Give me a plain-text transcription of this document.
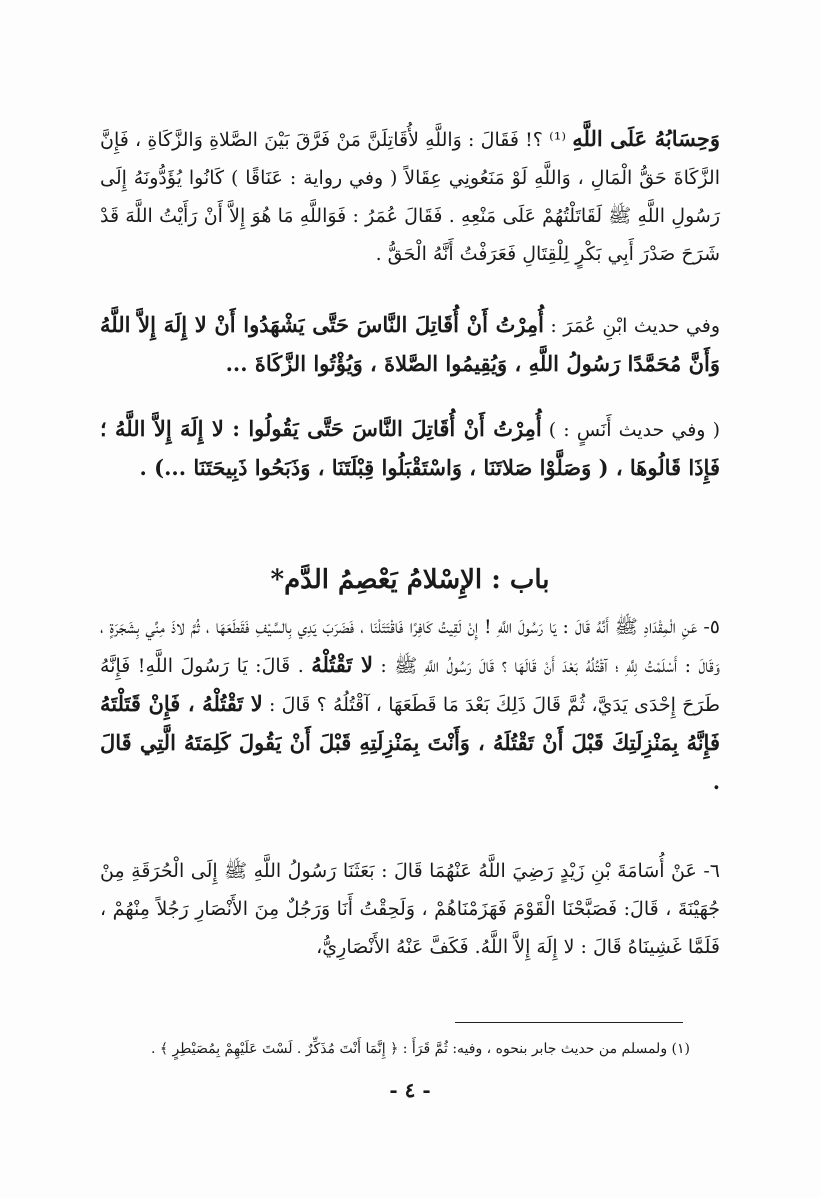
وَحِسَابُهُ عَلَى اللَّهِ ⁽¹⁾ ؟! فَقَالَ : وَاللَّهِ لأُقَاتِلَنَّ مَنْ فَرَّقَ بَيْنَ الصَّلاةِ وَالزَّكَاةِ ، فَإِنَّ الزَّكَاةَ حَقُّ الْمَالِ ، وَاللَّهِ لَوْ مَنَعُونِي عِقَالاً ( وفي رواية : عَنَاقًا ) كَانُوا يُؤَدُّونَهُ إِلَى رَسُولِ اللَّهِ ﷺ لَقَاتَلْتُهُمْ عَلَى مَنْعِهِ . فَقَالَ عُمَرُ : فَوَاللَّهِ مَا هُوَ إِلاَّ أَنْ رَأَيْتُ اللَّهَ قَدْ شَرَحَ صَدْرَ أَبِي بَكْرٍ لِلْقِتَالِ فَعَرَفْتُ أَنَّهُ الْحَقُّ .

وفي حديث ابْنِ عُمَرَ : أُمِرْتُ أَنْ أُقَاتِلَ النَّاسَ حَتَّى يَشْهَدُوا أَنْ لا إِلَهَ إِلاَّ اللَّهُ وَأَنَّ مُحَمَّدًا رَسُولُ اللَّهِ ، وَيُقِيمُوا الصَّلاةَ ، وَيُؤْتُوا الزَّكَاةَ ...

( وفي حديث أَنَسٍ : ) أُمِرْتُ أَنْ أُقَاتِلَ النَّاسَ حَتَّى يَقُولُوا : لا إِلَهَ إِلاَّ اللَّهُ ؛ فَإِذَا قَالُوهَا ، ( وَصَلَّوْا صَلاتَنَا ، وَاسْتَقْبَلُوا قِبْلَتَنَا ، وَذَبَحُوا ذَبِيحَتَنَا ...) .

باب : الإِسْلامُ يَعْصِمُ الدَّم*

٥- عَنِ الْمِقْدَادِ ﷺ أَنَّهُ قَالَ : يَا رَسُولَ اللَّهِ ! إِنْ لَقِيتُ كَافِرًا فَاقْتَتَلْنَا ، فَضَرَبَ يَدِي بِالسَّيْفِ فَقَطَعَهَا ، ثُمَّ لاذَ مِنِّي بِشَجَرَةٍ ، وَقَالَ : أَسْلَمْتُ لِلَّهِ ؛ آقْتُلُهُ بَعْدَ أَنْ قَالَهَا ؟ قَالَ رَسُولُ اللَّهِ ﷺ : لا تَقْتُلْهُ . قَالَ: يَا رَسُولَ اللَّهِ! فَإِنَّهُ طَرَحَ إِحْدَى يَدَيَّ، ثُمَّ قَالَ ذَلِكَ بَعْدَ مَا قَطَعَهَا ، آقْتُلُهُ ؟ قَالَ : لا تَقْتُلْهُ ، فَإِنْ قَتَلْتَهُ فَإِنَّهُ بِمَنْزِلَتِكَ قَبْلَ أَنْ تَقْتُلَهُ ، وَأَنْتَ بِمَنْزِلَتِهِ قَبْلَ أَنْ يَقُولَ كَلِمَتَهُ الَّتِي قَالَ .

٦- عَنْ أُسَامَةَ بْنِ زَيْدٍ رَضِيَ اللَّهُ عَنْهُمَا قَالَ : بَعَثَنَا رَسُولُ اللَّهِ ﷺ إِلَى الْحُرَقَةِ مِنْ جُهَيْنَةَ ، قَالَ: فَصَبَّحْنَا الْقَوْمَ فَهَزَمْنَاهُمْ ، وَلَحِقْتُ أَنَا وَرَجُلٌ مِنَ الأَنْصَارِ رَجُلاً مِنْهُمْ ، فَلَمَّا غَشِينَاهُ قَالَ : لا إِلَهَ إِلاَّ اللَّهُ. فَكَفَّ عَنْهُ الأَنْصَارِيُّ،

(١) ولمسلم من حديث جابر بنحوه ، وفيه: ثُمَّ قَرَأَ : ﴿ إِنَّمَا أَنْتَ مُذَكِّرٌ . لَسْتَ عَلَيْهِمْ بِمُصَيْطِرٍ ﴾ .
- ٤ -
